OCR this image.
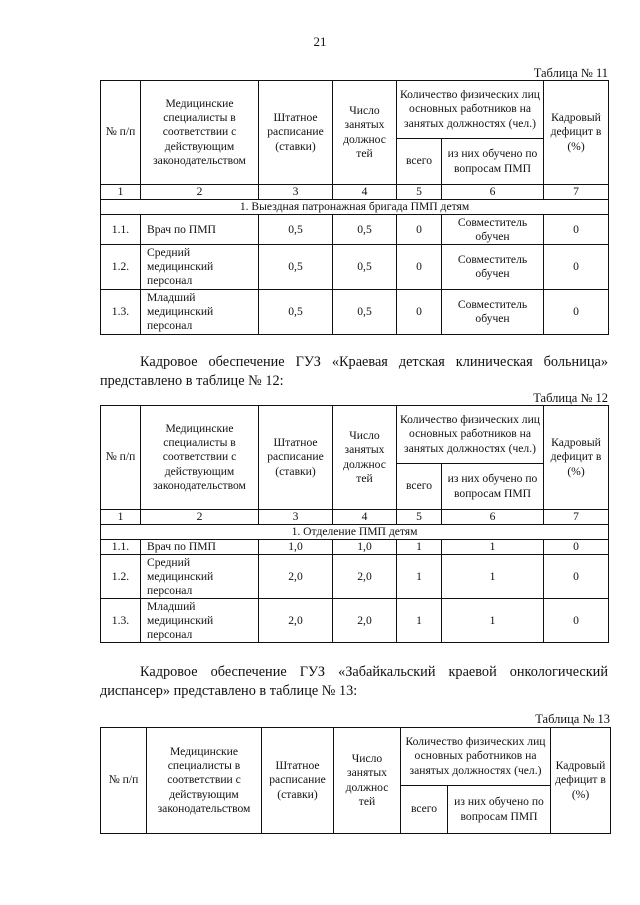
21
Таблица № 11
№ п/п	Медицинские специалисты в соответствии с действующим законодательством	Штатное расписание (ставки)	Число занятых должнос тей	Количество физических лиц основных работников на занятых должностях (чел.)		Кадровый дефицит в (%)
				всего	из них обучено по вопросам ПМП	
1	2	3	4	5	6	7
1. Выездная патронажная бригада ПМП детям						
1.1.	Врач по ПМП	0,5	0,5	0	Совместитель обучен	0
1.2.	Средний медицинский персонал	0,5	0,5	0	Совместитель обучен	0
1.3.	Младший медицинский персонал	0,5	0,5	0	Совместитель обучен	0
Кадровое обеспечение ГУЗ «Краевая детская клиническая больница»
представлено в таблице № 12:
Таблица № 12
№ п/п	Медицинские специалисты в соответствии с действующим законодательством	Штатное расписание (ставки)	Число занятых должнос тей	Количество физических лиц основных работников на занятых должностях (чел.)		Кадровый дефицит в (%)
				всего	из них обучено по вопросам ПМП	
1	2	3	4	5	6	7
1. Отделение ПМП детям						
1.1.	Врач по ПМП	1,0	1,0	1	1	0
1.2.	Средний медицинский персонал	2,0	2,0	1	1	0
1.3.	Младший медицинский персонал	2,0	2,0	1	1	0
Кадровое обеспечение ГУЗ «Забайкальский краевой онкологический
диспансер» представлено в таблице № 13:
Таблица № 13
№ п/п	Медицинские специалисты в соответствии с действующим законодательством	Штатное расписание (ставки)	Число занятых должнос тей	Количество физических лиц основных работников на занятых должностях (чел.)		Кадровый дефицит в (%)
				всего	из них обучено по вопросам ПМП	
